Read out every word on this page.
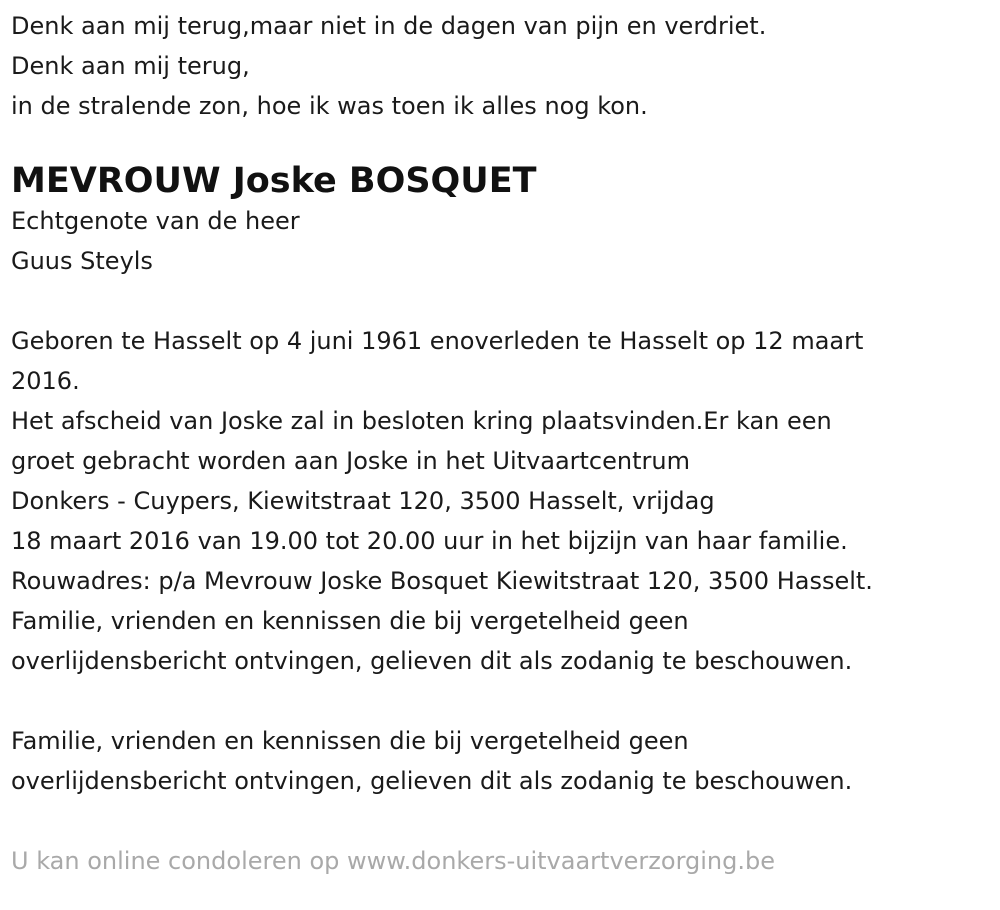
Denk aan mij terug,maar niet in de dagen van pijn en verdriet.
Denk aan mij terug,
in de stralende zon, hoe ik was toen ik alles nog kon.
MEVROUW Joske BOSQUET
Echtgenote van de heer
Guus Steyls
Geboren te Hasselt op 4 juni 1961 enoverleden te Hasselt op 12 maart
2016.
Het afscheid van Joske zal in besloten kring plaatsvinden.Er kan een
groet gebracht worden aan Joske in het Uitvaartcentrum
Donkers - Cuypers, Kiewitstraat 120, 3500 Hasselt, vrijdag
18 maart 2016 van 19.00 tot 20.00 uur in het bijzijn van haar familie.
Rouwadres: p/a Mevrouw Joske Bosquet Kiewitstraat 120, 3500 Hasselt.
Familie, vrienden en kennissen die bij vergetelheid geen
overlijdensbericht ontvingen, gelieven dit als zodanig te beschouwen.
Familie, vrienden en kennissen die bij vergetelheid geen
overlijdensbericht ontvingen, gelieven dit als zodanig te beschouwen.
U kan online condoleren op www.donkers-uitvaartverzorging.be
